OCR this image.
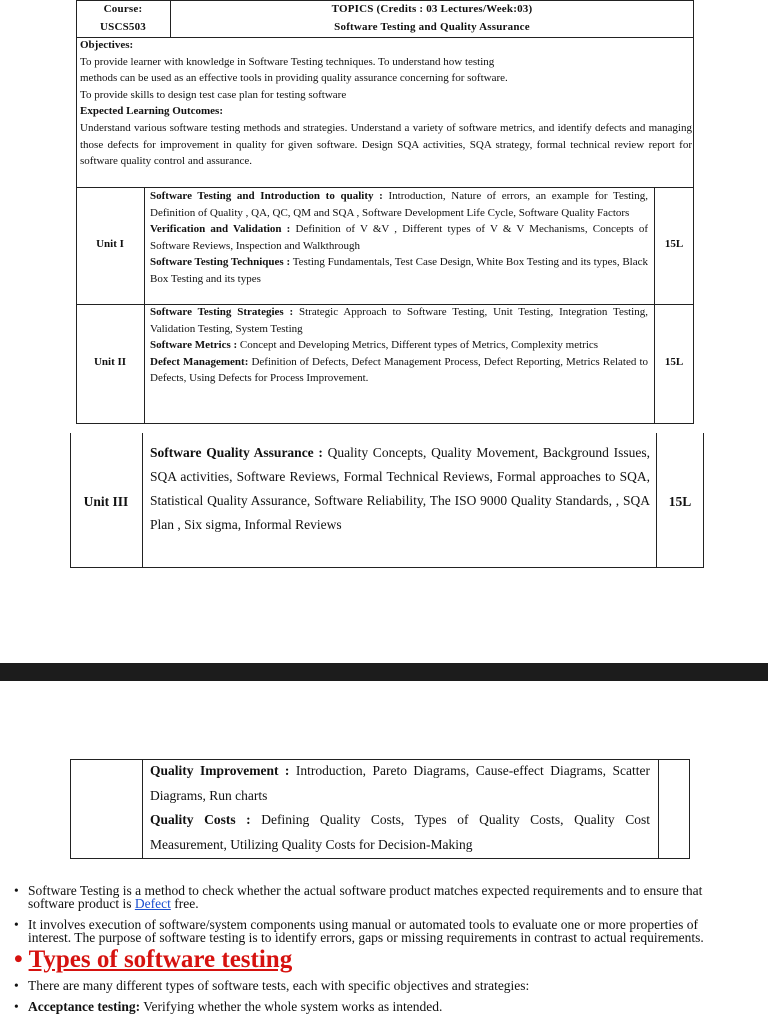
Course:
USCS503
TOPICS (Credits : 03 Lectures/Week:03)
Software Testing and Quality Assurance
Objectives:
To provide learner with knowledge in Software Testing techniques. To understand how testing
methods can be used as an effective tools in providing quality assurance concerning for software.
To provide skills to design test case plan for testing software
Expected Learning Outcomes:
Understand various software testing methods and strategies. Understand a variety of software metrics, and identify defects and managing those defects for improvement in quality for given software. Design SQA activities, SQA strategy, formal technical review report for software quality control and assurance.
Unit I
Software Testing and Introduction to quality : Introduction, Nature of errors, an example for Testing, Definition of Quality , QA, QC, QM and SQA , Software Development Life Cycle, Software Quality Factors
Verification and Validation : Definition of V &V , Different types of V & V Mechanisms, Concepts of Software Reviews, Inspection and Walkthrough
Software Testing Techniques : Testing Fundamentals, Test Case Design, White Box Testing and its types, Black Box Testing and its types
15L
Unit II
Software Testing Strategies : Strategic Approach to Software Testing, Unit Testing, Integration Testing, Validation Testing, System Testing
Software Metrics : Concept and Developing Metrics, Different types of Metrics, Complexity metrics
Defect Management: Definition of Defects, Defect Management Process, Defect Reporting, Metrics Related to Defects, Using Defects for Process Improvement.
15L
Unit III
Software Quality Assurance : Quality Concepts, Quality Movement, Background Issues, SQA activities, Software Reviews, Formal Technical Reviews, Formal approaches to SQA, Statistical Quality Assurance, Software Reliability, The ISO 9000 Quality Standards, , SQA Plan , Six sigma, Informal Reviews
15L
Quality Improvement : Introduction, Pareto Diagrams, Cause-effect Diagrams, Scatter Diagrams, Run charts
Quality Costs : Defining Quality Costs, Types of Quality Costs, Quality Cost Measurement, Utilizing Quality Costs for Decision-Making
• Software Testing is a method to check whether the actual software product matches expected requirements and to ensure that
software product is Defect free.
• It involves execution of software/system components using manual or automated tools to evaluate one or more properties of
interest. The purpose of software testing is to identify errors, gaps or missing requirements in contrast to actual requirements.
• Types of software testing
• There are many different types of software tests, each with specific objectives and strategies:
• Acceptance testing: Verifying whether the whole system works as intended.
